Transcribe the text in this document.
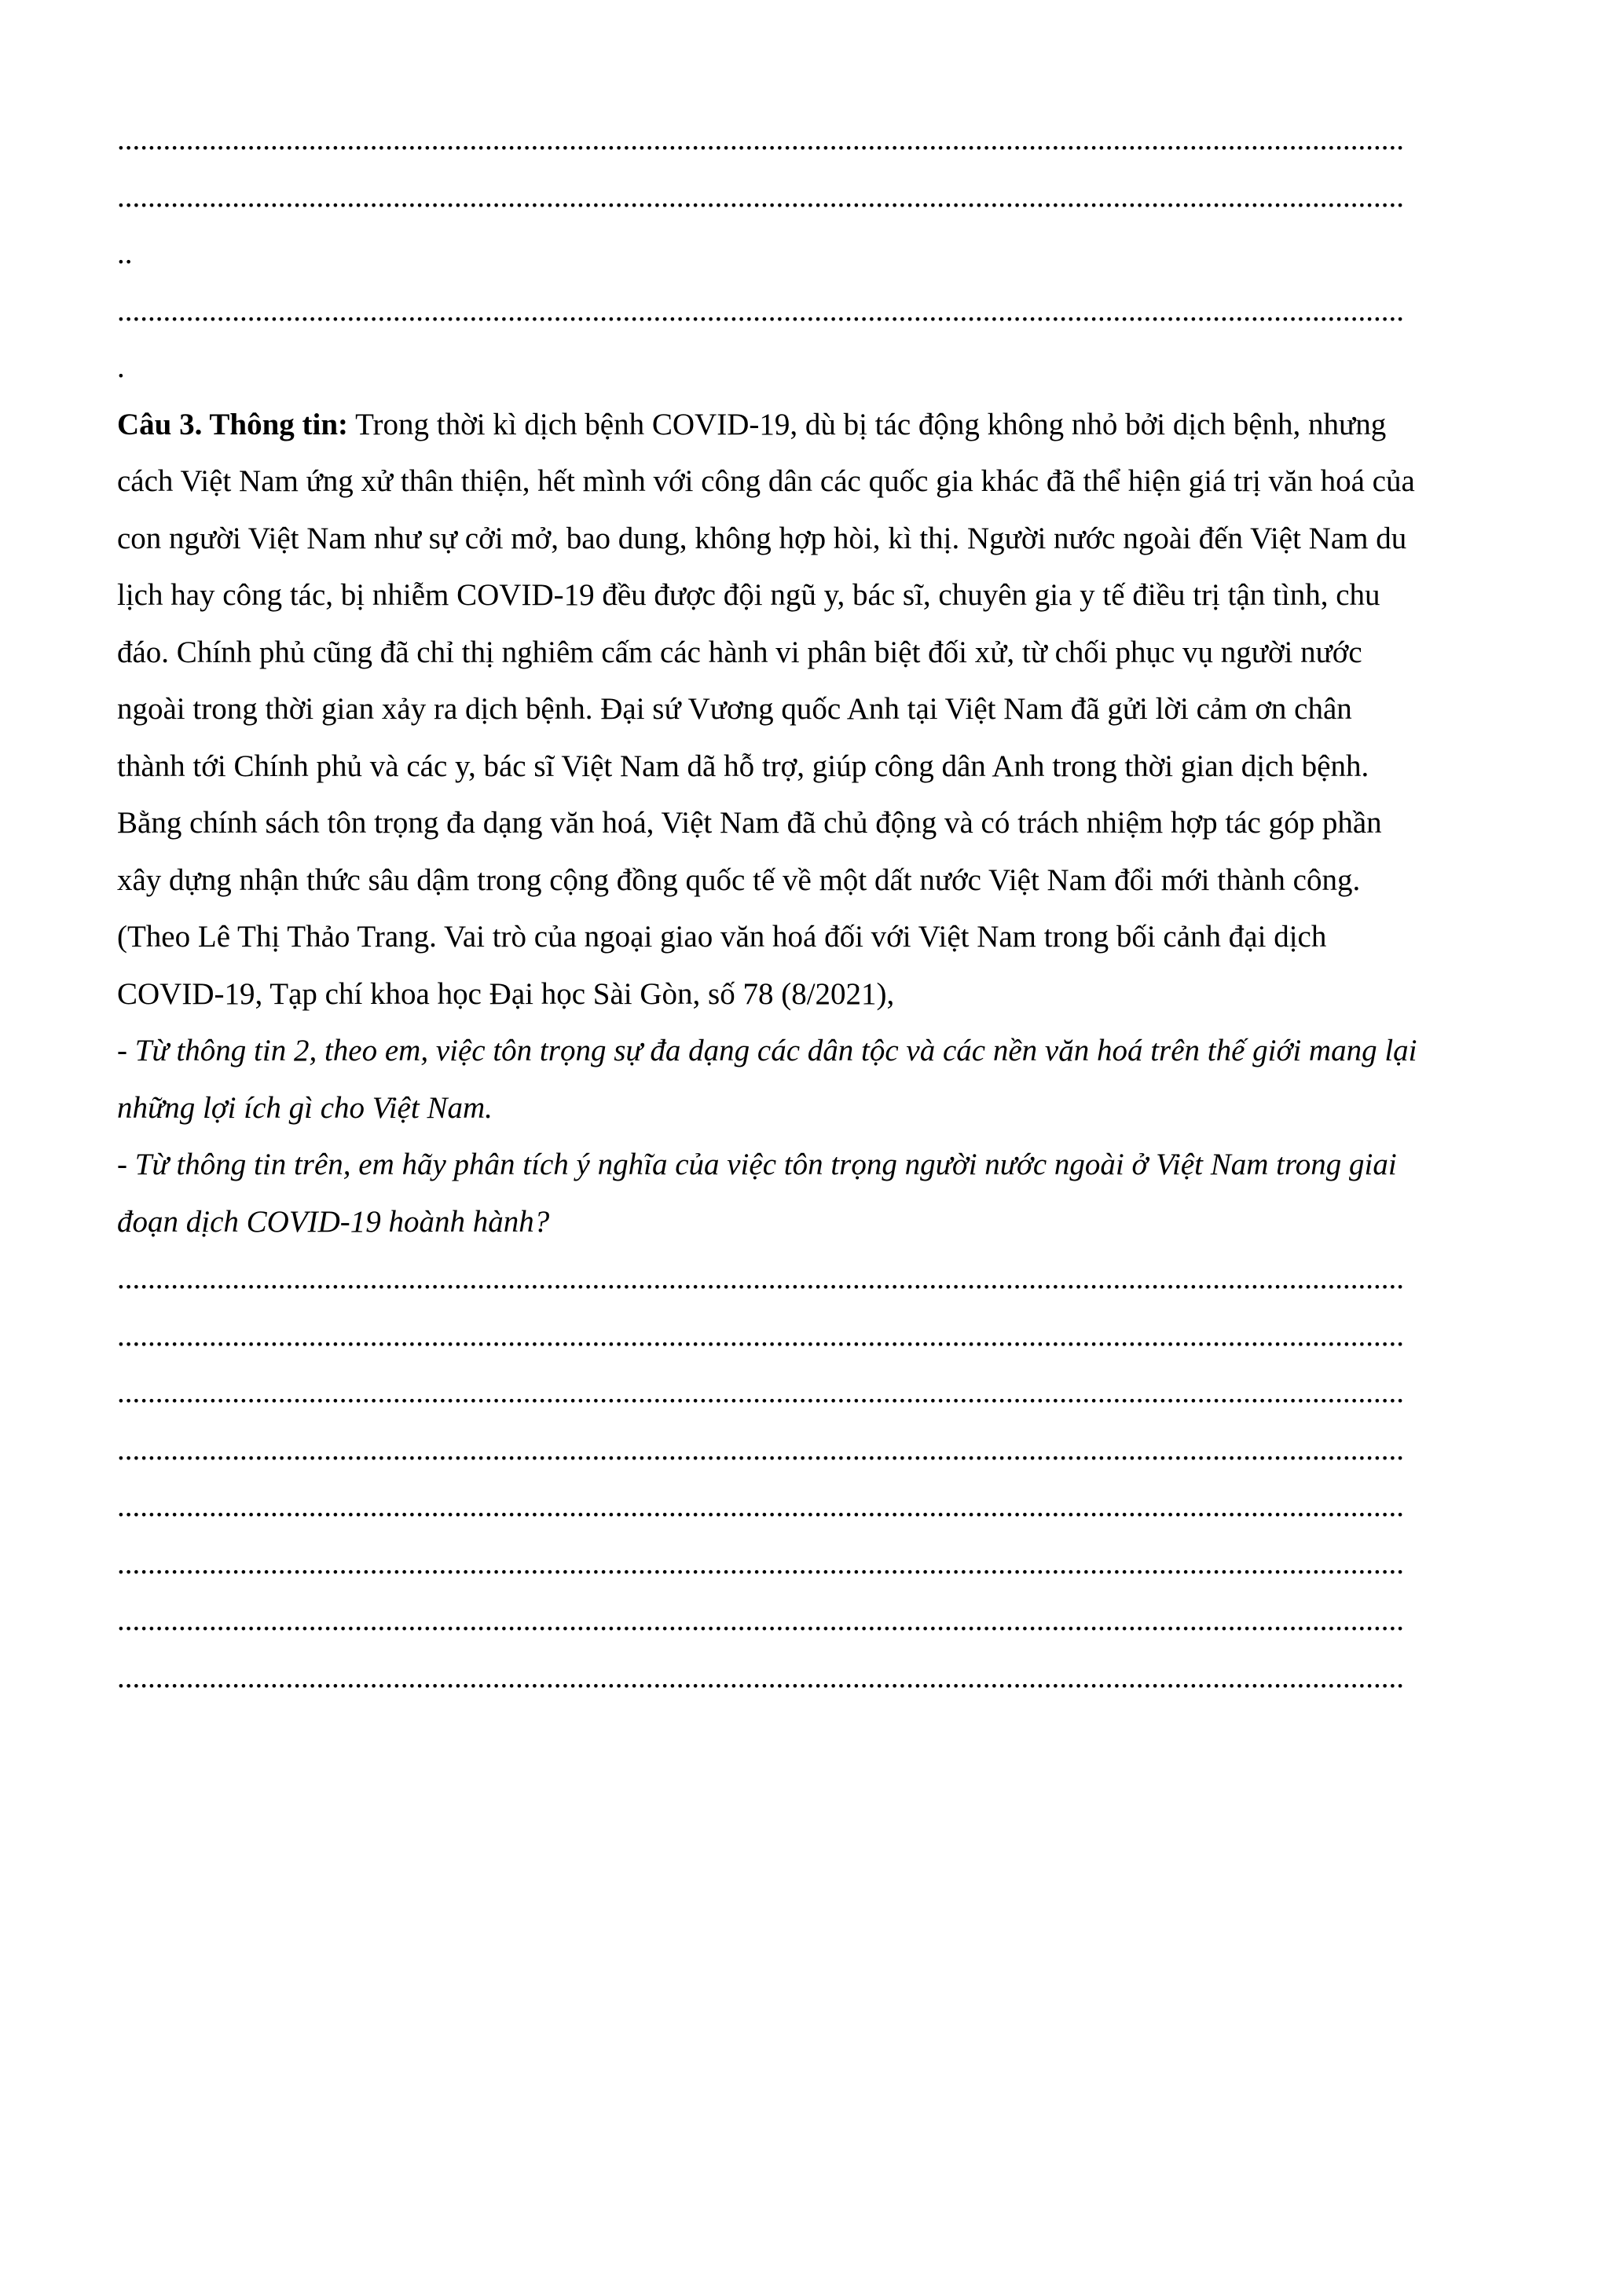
........................................................................................................................................................................
........................................................................................................................................................................
..
........................................................................................................................................................................
.
Câu 3. Thông tin: Trong thời kì dịch bệnh COVID-19, dù bị tác động không nhỏ bởi dịch bệnh, nhưng
cách Việt Nam ứng xử thân thiện, hết mình với công dân các quốc gia khác đã thể hiện giá trị văn hoá của
con người Việt Nam như sự cởi mở, bao dung, không hợp hòi, kì thị. Người nước ngoài đến Việt Nam du
lịch hay công tác, bị nhiễm COVID-19 đều được đội ngũ y, bác sĩ, chuyên gia y tế điều trị tận tình, chu
đáo. Chính phủ cũng đã chỉ thị nghiêm cấm các hành vi phân biệt đối xử, từ chối phục vụ người nước
ngoài trong thời gian xảy ra dịch bệnh. Đại sứ Vương quốc Anh tại Việt Nam đã gửi lời cảm ơn chân
thành tới Chính phủ và các y, bác sĩ Việt Nam dã hỗ trợ, giúp công dân Anh trong thời gian dịch bệnh.
Bằng chính sách tôn trọng đa dạng văn hoá, Việt Nam đã chủ động và có trách nhiệm hợp tác góp phần
xây dựng nhận thức sâu dậm trong cộng đồng quốc tế về một dất nước Việt Nam đổi mới thành công.
(Theo Lê Thị Thảo Trang. Vai trò của ngoại giao văn hoá đối với Việt Nam trong bối cảnh đại dịch
COVID-19, Tạp chí khoa học Đại học Sài Gòn, số 78 (8/2021),
- Từ thông tin 2, theo em, việc tôn trọng sự đa dạng các dân tộc và các nền văn hoá trên thế giới mang lại
những lợi ích gì cho Việt Nam.
- Từ thông tin trên, em hãy phân tích ý nghĩa của việc tôn trọng người nước ngoài ở Việt Nam trong giai
đoạn dịch COVID-19 hoành hành?
........................................................................................................................................................................
........................................................................................................................................................................
........................................................................................................................................................................
........................................................................................................................................................................
........................................................................................................................................................................
........................................................................................................................................................................
........................................................................................................................................................................
........................................................................................................................................................................
